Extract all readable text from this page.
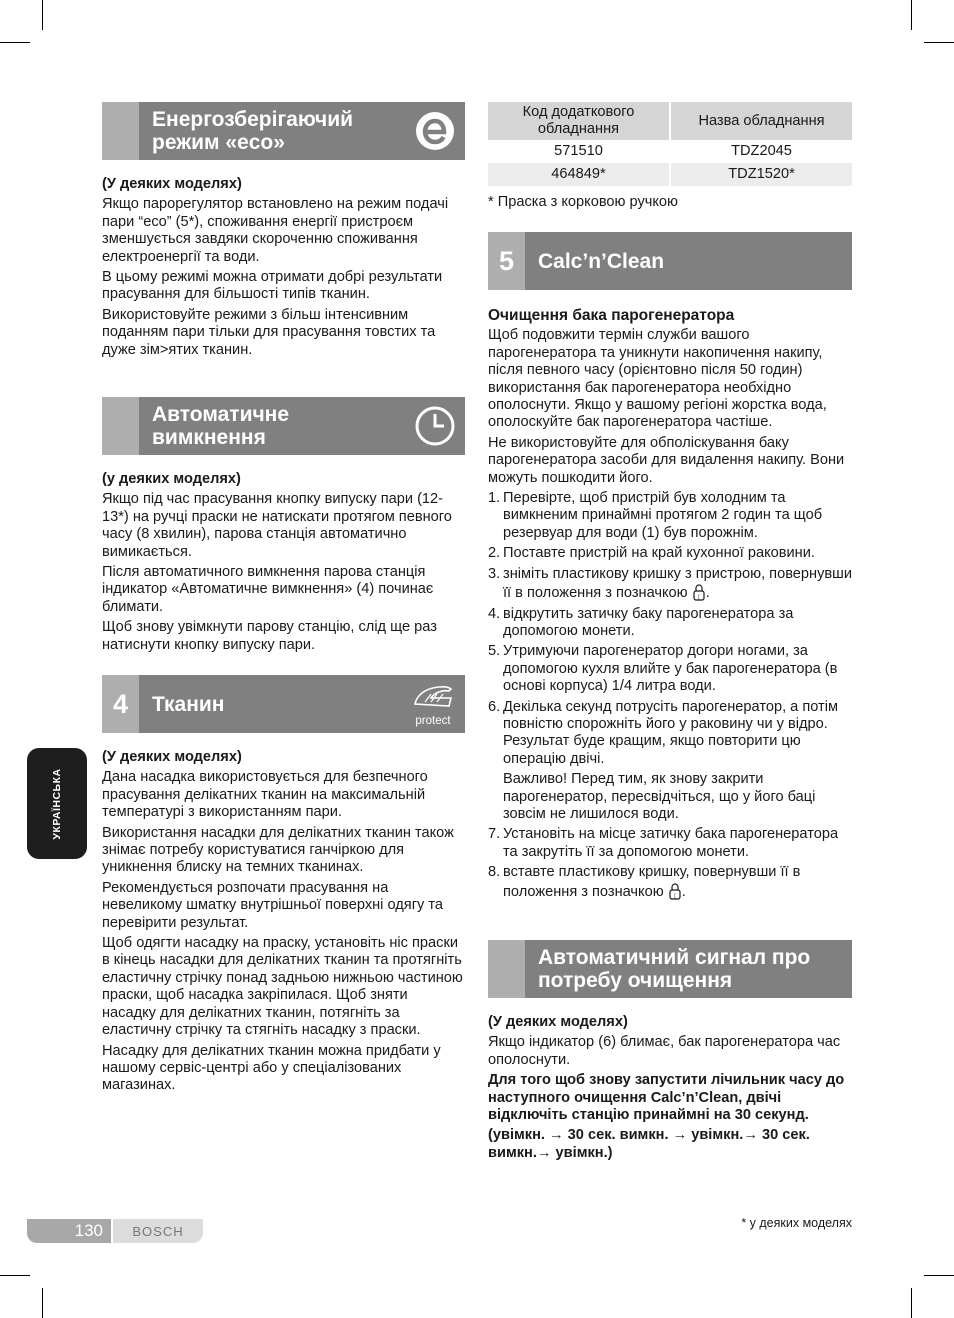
Енергозберігаючий режим «eco»

(У деяких моделях)

Якщо парорегулятор встановлено на режим подачі пари “eco” (5*), споживання енергії пристроєм зменшується завдяки скороченню споживання електроенергії та води.

В цьому режимі можна отримати добрі результати прасування для більшості типів тканин.

Використовуйте режими з більш інтенсивним поданням пари тільки для прасування товстих та дуже зім>ятих тканин.

Автоматичне вимкнення

(у деяких моделях)

Якщо під час прасування кнопку випуску пари (12-13*) на ручці праски не натискати протягом певного часу (8 хвилин), парова станція автоматично вимикається.

Після автоматичного вимкнення парова станція індикатор «Автоматичне вимкнення» (4) починає блимати.

Щоб знову увімкнути парову станцію, слід ще раз натиснути кнопку випуску пари.

4	Тканин
protect

(У деяких моделях)

Дана насадка використовується для безпечного прасування делікатних тканин на максимальній температурі з використанням пари.

Використання насадки для делікатних тканин також знімає потребу користуватися ганчіркою для уникнення блиску на темних тканинах.

Рекомендується розпочати прасування на невеликому шматку внутрішньої поверхні одягу та перевірити результат.

Щоб одягти насадку на праску, установіть ніс праски в кінець насадки для делікатних тканин та протягніть еластичну стрічку понад задньою нижньою частиною праски, щоб насадка закріпилася. Щоб зняти насадку для делікатних тканин, потягніть за еластичну стрічку та стягніть насадку з праски.

Насадку для делікатних тканин можна придбати у нашому сервіс-центрі або у спеціалізованих магазинах.

Код додаткового обладнання	Назва обладнання
571510	TDZ2045
464849*	TDZ1520*
* Праска з корковою ручкою
5	Calc’n’Clean

Очищення бака парогенератора

Щоб подовжити термін служби вашого парогенератора та уникнути накопичення накипу, після певного часу (орієнтовно після 50 годин) використання бак парогенератора необхідно ополоснути. Якщо у вашому регіоні жорстка вода, ополоскуйте бак парогенератора частіше.

Не використовуйте для обполіскування баку парогенератора засоби для видалення накипу. Вони можуть пошкодити його.

1. Перевірте, щоб пристрій був холодним та вимкненим принаймні протягом 2 годин та щоб резервуар для води (1) був порожнім.
2. Поставте пристрій на край кухонної раковини.
3. зніміть пластикову кришку з пристрою, повернувши її в положення з позначкою [ .
4. відкрутить затичку баку парогенератора за допомогою монети.
5. Утримуючи парогенератор догори ногами, за допомогою кухля влийте у бак парогенератора (в основі корпуса) 1/4 литра води.
6. Декілька секунд потрусіть парогенератор, а потім повністю спорожніть його у раковину чи у відро. Результат буде кращим, якщо повторити цю операцію двічі.
Важливо! Перед тим, як знову закрити парогенератор, пересвідчіться, що у його баці зовсім не лишилося води.
7. Установіть на місце затичку бака парогенератора та закрутіть її за допомогою монети.
8. вставте пластикову кришку, повернувши її в положення з позначкою [ .
Автоматичний сигнал про потребу очищення

(У деяких моделях)

Якщо індикатор (6) блимає, бак парогенератора час ополоснути.

Для того щоб знову запустити лічильник часу до наступного очищення Calc’n’Clean, двічі відключіть станцію принаймні на 30 секунд.

(увімкн. → 30 сек. вимкн. → увімкн.→ 30 сек. вимкн.→ увімкн.)

УКРАЇНСЬКА
130	BOSCH
* у деяких моделях
